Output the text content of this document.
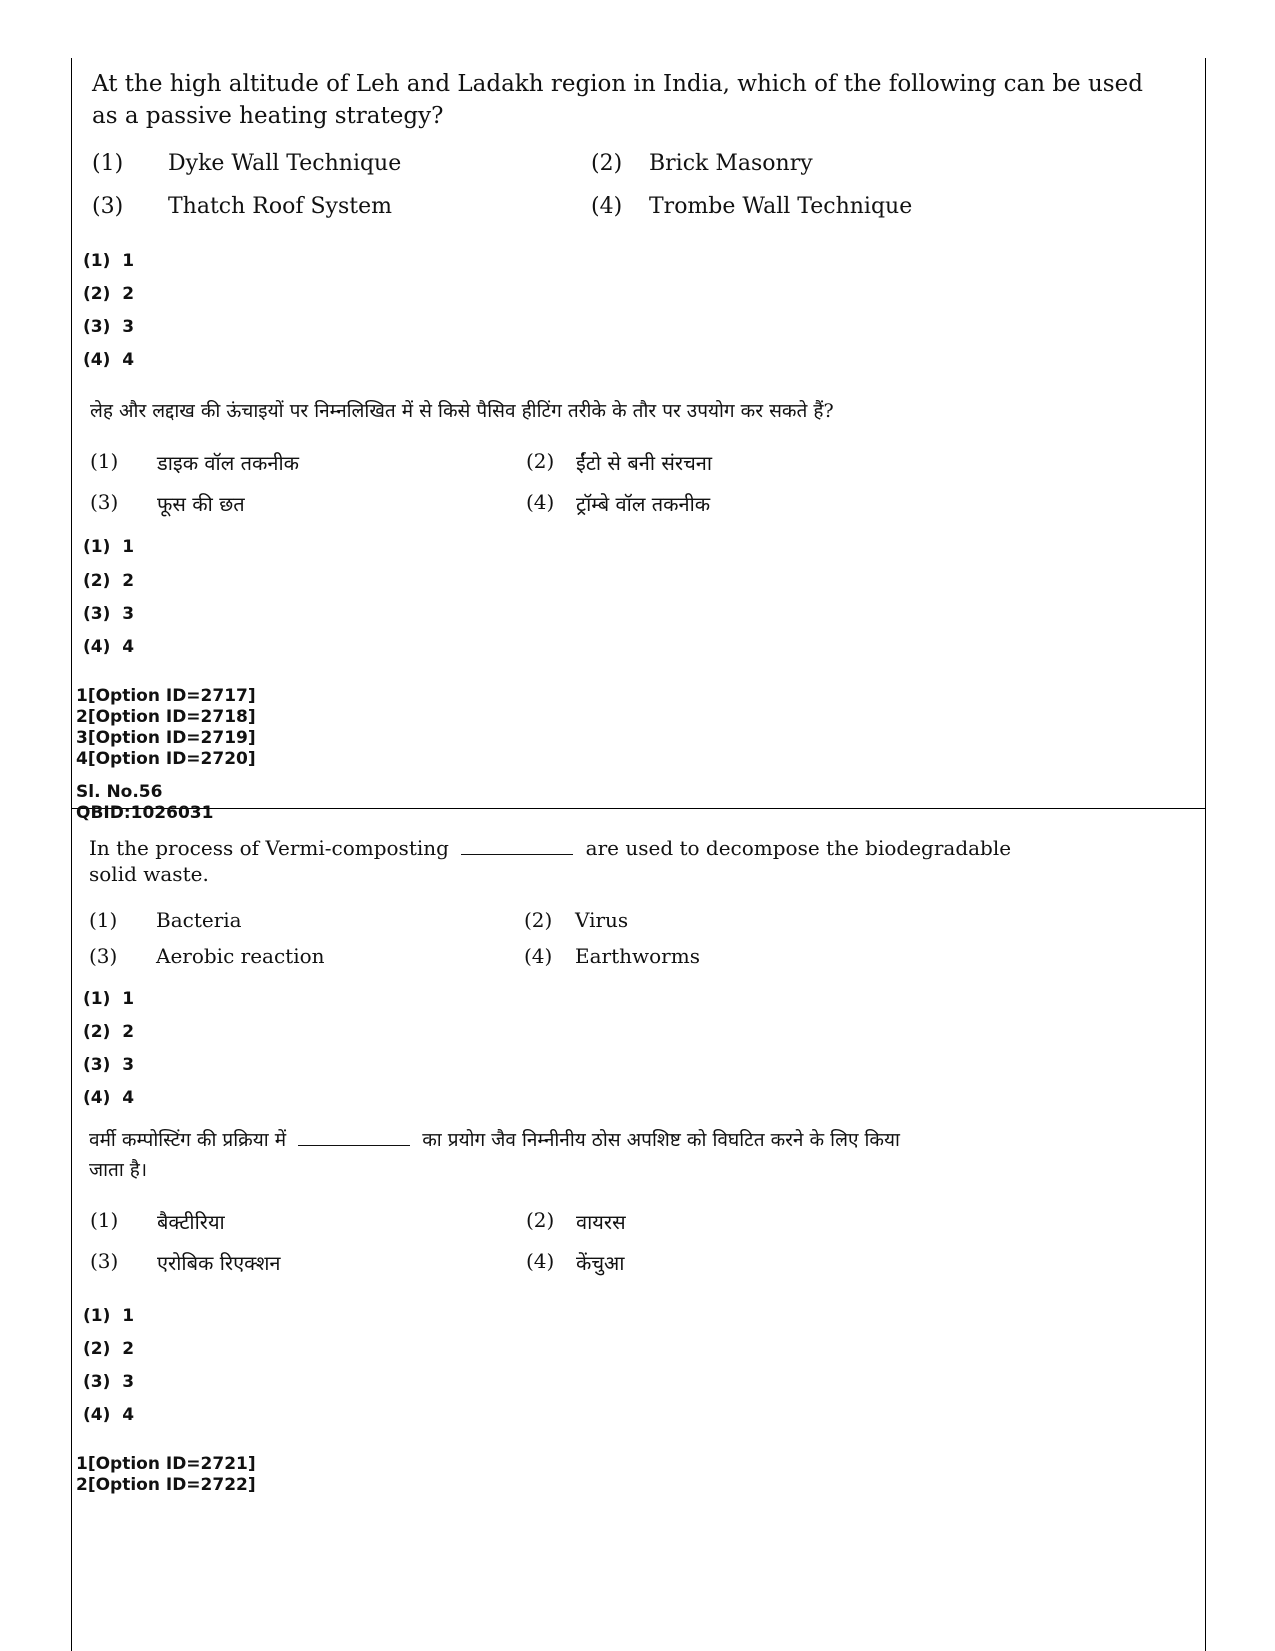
At the high altitude of Leh and Ladakh region in India, which of the following can be used as a passive heating strategy?
(1) Dyke Wall Technique	(2) Brick Masonry
(3) Thatch Roof System	(4) Trombe Wall Technique
(1)  1
(2)  2
(3)  3
(4)  4
लेह और लद्दाख की ऊंचाइयों पर निम्नलिखित में से किसे पैसिव हीटिंग तरीके के तौर पर उपयोग कर सकते हैं?
(1) डाइक वॉल तकनीक	(2) ईंटो से बनी संरचना
(3) फूस की छत	(4) ट्रॉम्बे वॉल तकनीक
(1)  1
(2)  2
(3)  3
(4)  4
1[Option ID=2717]
2[Option ID=2718]
3[Option ID=2719]
4[Option ID=2720]
Sl. No.56
QBID:1026031
In the process of Vermi-composting	are used to decompose the biodegradable
solid waste.
(1) Bacteria	(2) Virus
(3) Aerobic reaction	(4) Earthworms
(1)  1
(2)  2
(3)  3
(4)  4
वर्मी कम्पोस्टिंग की प्रक्रिया में	का प्रयोग जैव निम्नीनीय ठोस अपशिष्ट को विघटित करने के लिए किया
जाता है।
(1) बैक्टीरिया	(2) वायरस
(3) एरोबिक रिएक्शन	(4) केंचुआ
(1)  1
(2)  2
(3)  3
(4)  4
1[Option ID=2721]
2[Option ID=2722]
